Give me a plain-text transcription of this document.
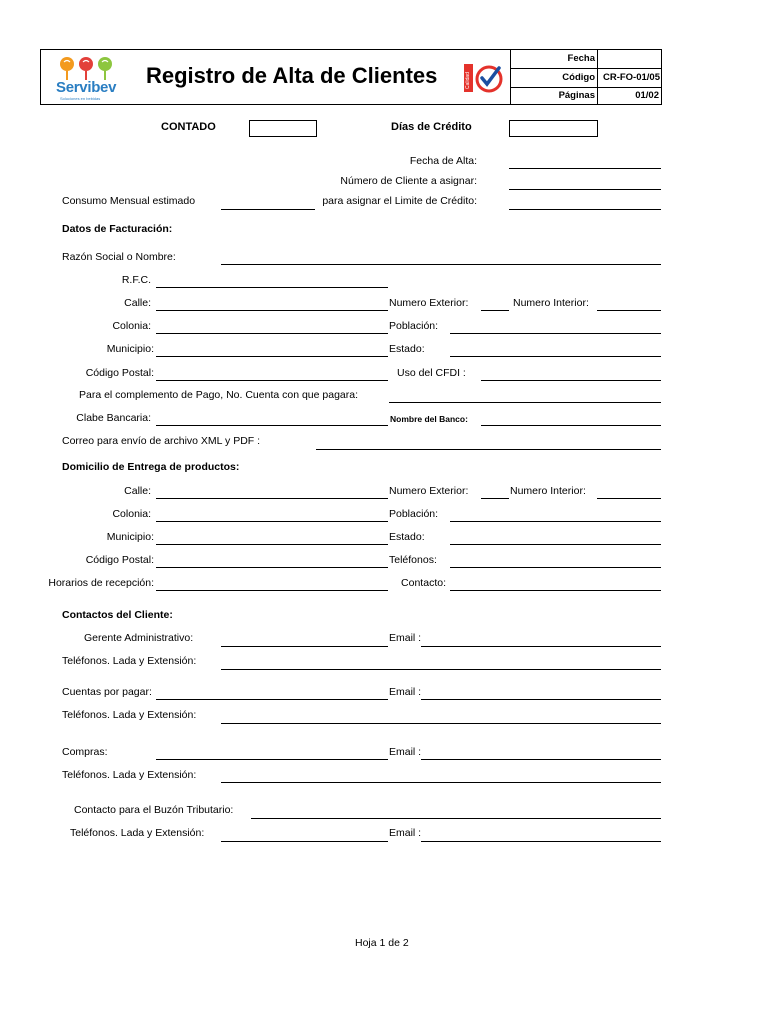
Servibev
Soluciones en bebidas
Registro de Alta de Clientes	Calidad
Fecha
Código CR-FO-01/05
Páginas	01/02
CONTADO	Días de Crédito
Fecha de Alta:
Número de Cliente a asignar:
Consumo Mensual estimado	para asignar el Limite de Crédito:
Datos de Facturación:
Razón Social o Nombre:
R.F.C.
Calle:	Numero Exterior:	Numero Interior:
Colonia:	Población:
Municipio:	Estado:
Código Postal:	Uso del CFDI :
Para el complemento de Pago, No. Cuenta con que pagara:
Clabe Bancaria:	Nombre del Banco:
Correo para envío de archivo XML y PDF :
Domicilio de Entrega de productos:
Calle:	Numero Exterior:	Numero Interior:
Colonia:	Población:
Municipio:	Estado:
Código Postal:	Teléfonos:
Horarios de recepción:	Contacto:
Contactos del Cliente:
Gerente Administrativo:	Email :
Teléfonos. Lada y Extensión:
Cuentas por pagar:	Email :
Teléfonos. Lada y Extensión:
Compras:	Email :
Teléfonos. Lada y Extensión:
Contacto para el Buzón Tributario:
Teléfonos. Lada y Extensión:	Email :
Hoja 1 de 2
